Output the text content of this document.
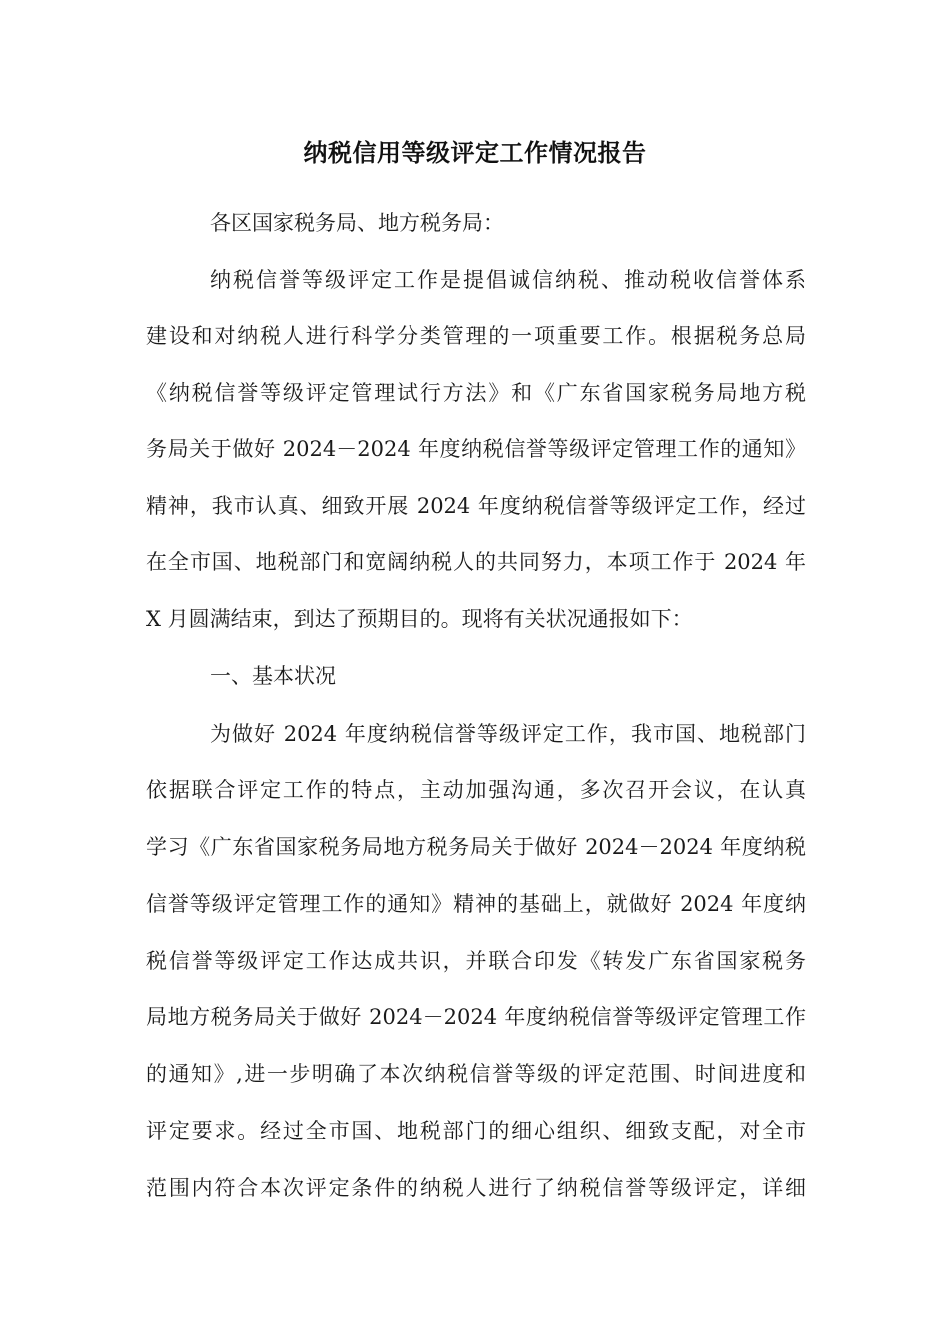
纳税信用等级评定工作情况报告

各区国家税务局、地方税务局：

纳税信誉等级评定工作是提倡诚信纳税、推动税收信誉体系

建设和对纳税人进行科学分类管理的一项重要工作。根据税务总局

《纳税信誉等级评定管理试行方法》和《广东省国家税务局地方税

务局关于做好 2024－2024 年度纳税信誉等级评定管理工作的通知》

精神，我市认真、细致开展 2024 年度纳税信誉等级评定工作，经过

在全市国、地税部门和宽阔纳税人的共同努力，本项工作于 2024 年

X 月圆满结束，到达了预期目的。现将有关状况通报如下：

一、基本状况

为做好 2024 年度纳税信誉等级评定工作，我市国、地税部门

依据联合评定工作的特点，主动加强沟通，多次召开会议，在认真

学习《广东省国家税务局地方税务局关于做好 2024－2024 年度纳税

信誉等级评定管理工作的通知》精神的基础上，就做好 2024 年度纳

税信誉等级评定工作达成共识，并联合印发《转发广东省国家税务

局地方税务局关于做好 2024－2024 年度纳税信誉等级评定管理工作

的通知》,进一步明确了本次纳税信誉等级的评定范围、时间进度和

评定要求。经过全市国、地税部门的细心组织、细致支配，对全市

范围内符合本次评定条件的纳税人进行了纳税信誉等级评定，详细
